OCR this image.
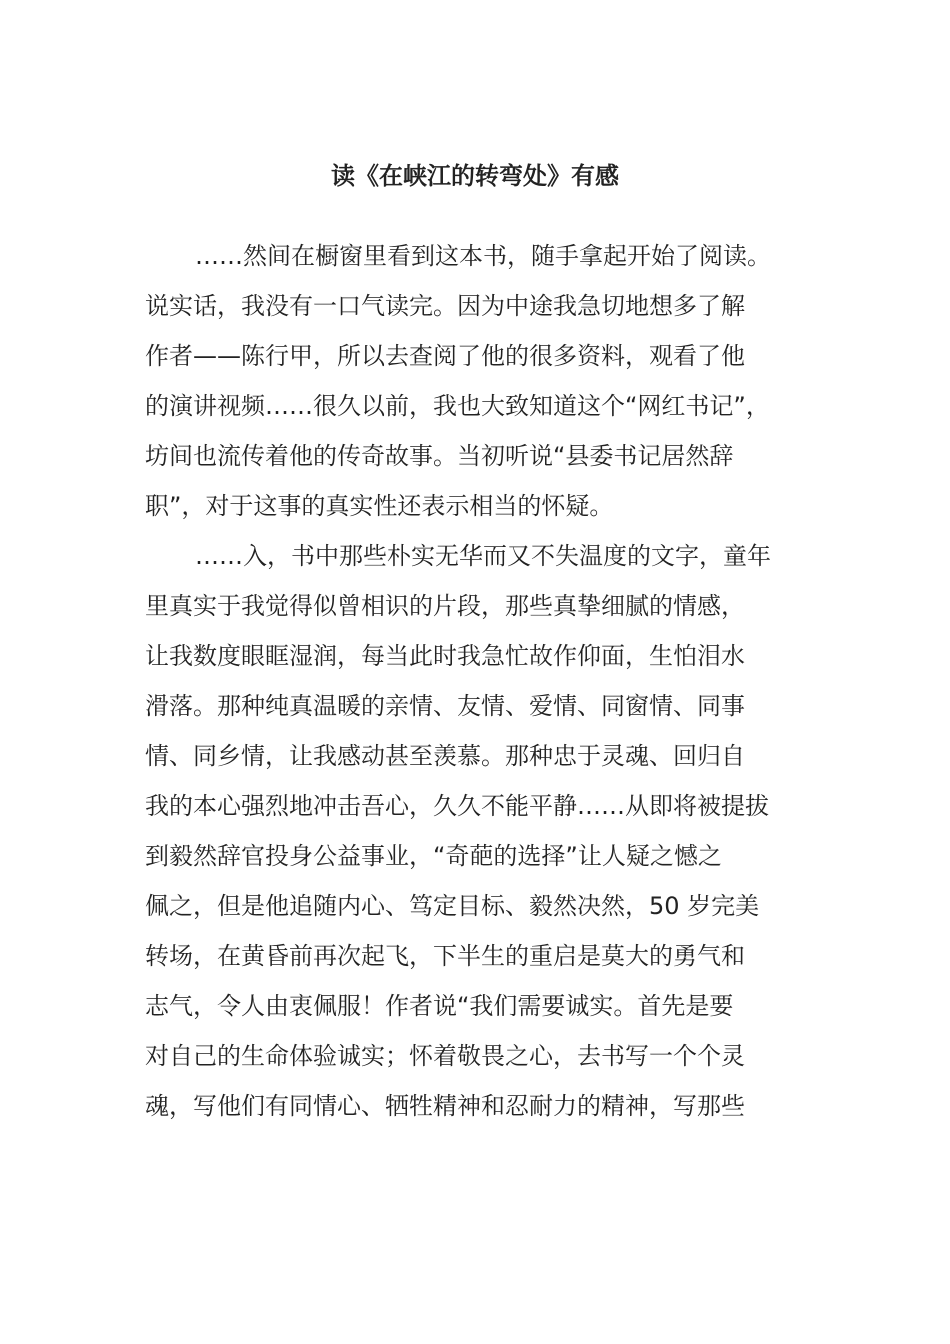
读《在峡江的转弯处》有感
……然间在橱窗里看到这本书，随手拿起开始了阅读。
说实话，我没有一口气读完。因为中途我急切地想多了解
作者——陈行甲，所以去查阅了他的很多资料，观看了他
的演讲视频……很久以前，我也大致知道这个“网红书记”，
坊间也流传着他的传奇故事。当初听说“县委书记居然辞
职”，对于这事的真实性还表示相当的怀疑。
……入，书中那些朴实无华而又不失温度的文字，童年
里真实于我觉得似曾相识的片段，那些真挚细腻的情感，
让我数度眼眶湿润，每当此时我急忙故作仰面，生怕泪水
滑落。那种纯真温暖的亲情、友情、爱情、同窗情、同事
情、同乡情，让我感动甚至羡慕。那种忠于灵魂、回归自
我的本心强烈地冲击吾心，久久不能平静……从即将被提拔
到毅然辞官投身公益事业，“奇葩的选择”让人疑之憾之
佩之，但是他追随内心、笃定目标、毅然决然，50 岁完美
转场，在黄昏前再次起飞，下半生的重启是莫大的勇气和
志气，令人由衷佩服！作者说“我们需要诚实。首先是要
对自己的生命体验诚实；怀着敬畏之心，去书写一个个灵
魂，写他们有同情心、牺牲精神和忍耐力的精神，写那些
